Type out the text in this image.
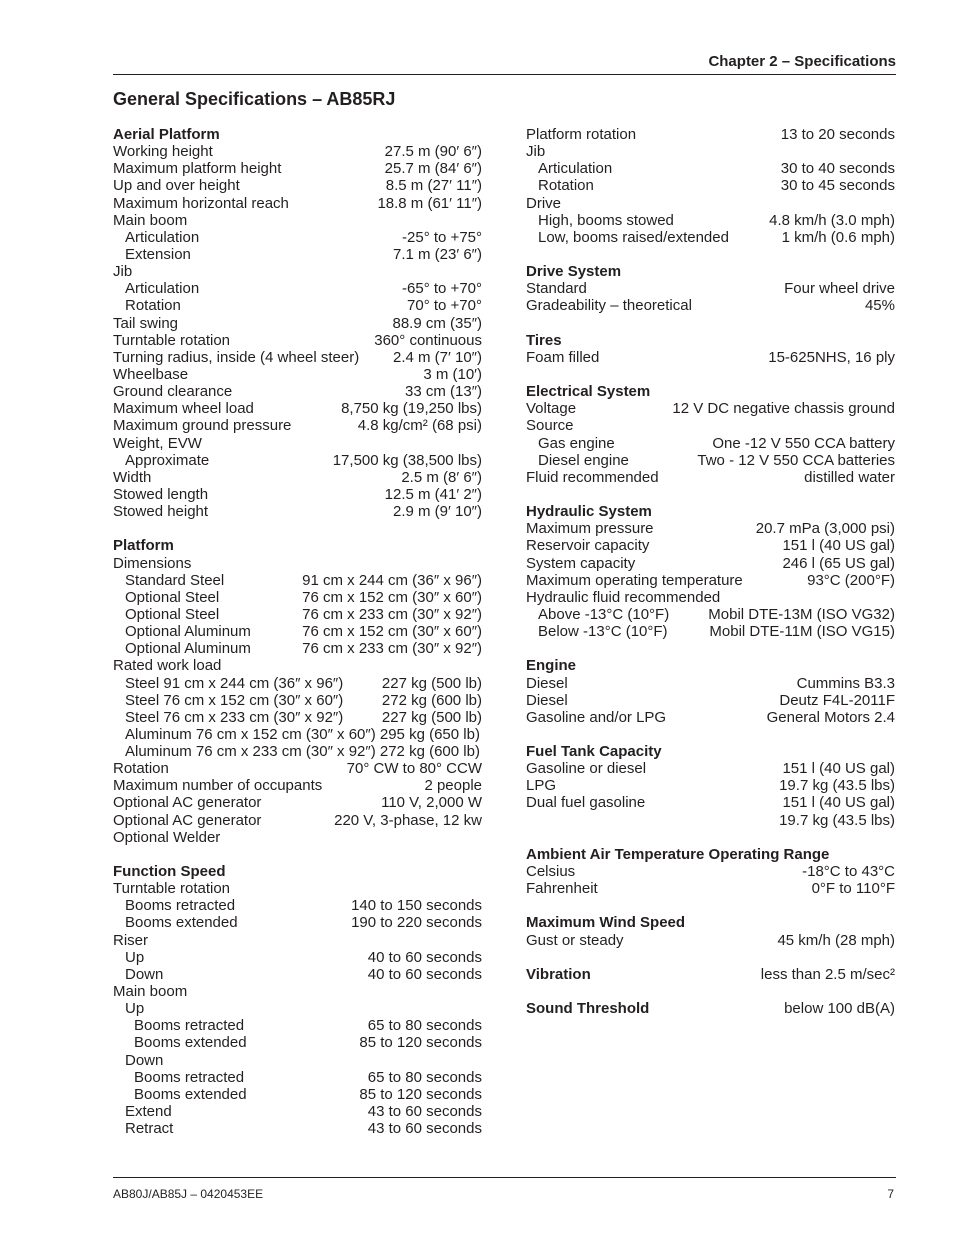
Chapter 2 – Specifications
General Specifications – AB85RJ
Aerial Platform
Working height	27.5 m (90′ 6″)
Maximum platform height	25.7 m (84′ 6″)
Up and over height	8.5 m (27′ 11″)
Maximum horizontal reach	18.8 m (61′ 11″)
Main boom
Articulation	-25° to +75°
Extension	7.1 m (23′ 6″)
Jib
Articulation	-65° to +70°
Rotation	70° to +70°
Tail swing	88.9 cm (35″)
Turntable rotation	360° continuous
Turning radius, inside (4 wheel steer) 2.4 m (7′ 10″)
Wheelbase	3 m (10′)
Ground clearance	33 cm (13″)
Maximum wheel load	8,750 kg (19,250 lbs)
Maximum ground pressure	4.8 kg/cm² (68 psi)
Weight, EVW
Approximate	17,500 kg (38,500 lbs)
Width	2.5 m (8′ 6″)
Stowed length	12.5 m (41′ 2″)
Stowed height	2.9 m (9′ 10″)
Platform
Dimensions
Standard Steel	91 cm x 244 cm (36″ x 96″)
Optional Steel	76 cm x 152 cm (30″ x 60″)
Optional Steel	76 cm x 233 cm (30″ x 92″)
Optional Aluminum	76 cm x 152 cm (30″ x 60″)
Optional Aluminum	76 cm x 233 cm (30″ x 92″)
Rated work load
Steel 91 cm x 244 cm (36″ x 96″)	227 kg (500 lb)
Steel 76 cm x 152 cm (30″ x 60″)	272 kg (600 lb)
Steel 76 cm x 233 cm (30″ x 92″)	227 kg (500 lb)
Aluminum 76 cm x 152 cm (30″ x 60″) 295 kg (650 lb)
Aluminum 76 cm x 233 cm (30″ x 92″) 272 kg (600 lb)
Rotation	70° CW to 80° CCW
Maximum number of occupants	2 people
Optional AC generator	110 V, 2,000 W
Optional AC generator	220 V, 3-phase, 12 kw
Optional Welder
Function Speed
Turntable rotation
Booms retracted	140 to 150 seconds
Booms extended	190 to 220 seconds
Riser
Up	40 to 60 seconds
Down	40 to 60 seconds
Main boom
Up
Booms retracted	65 to 80 seconds
Booms extended	85 to 120 seconds
Down
Booms retracted	65 to 80 seconds
Booms extended	85 to 120 seconds
Extend	43 to 60 seconds
Retract	43 to 60 seconds
Platform rotation	13 to 20 seconds
Jib
Articulation	30 to 40 seconds
Rotation	30 to 45 seconds
Drive
High, booms stowed	4.8 km/h (3.0 mph)
Low, booms raised/extended	1 km/h (0.6 mph)
Drive System
Standard	Four wheel drive
Gradeability – theoretical	45%
Tires
Foam filled	15-625NHS, 16 ply
Electrical System
Voltage	12 V DC negative chassis ground
Source
Gas engine	One -12 V 550 CCA battery
Diesel engine	Two - 12 V 550 CCA batteries
Fluid recommended	distilled water
Hydraulic System
Maximum pressure	20.7 mPa (3,000 psi)
Reservoir capacity	151 l (40 US gal)
System capacity	246 l (65 US gal)
Maximum operating temperature	93°C (200°F)
Hydraulic fluid recommended
Above -13°C (10°F)	Mobil DTE-13M (ISO VG32)
Below -13°C (10°F)	Mobil DTE-11M (ISO VG15)
Engine
Diesel	Cummins B3.3
Diesel	Deutz F4L-2011F
Gasoline and/or LPG	General Motors 2.4
Fuel Tank Capacity
Gasoline or diesel	151 l (40 US gal)
LPG	19.7 kg (43.5 lbs)
Dual fuel gasoline	151 l (40 US gal)
19.7 kg (43.5 lbs)
Ambient Air Temperature Operating Range
Celsius	-18°C to 43°C
Fahrenheit	0°F to 110°F
Maximum Wind Speed
Gust or steady	45 km/h (28 mph)
Vibration	less than 2.5 m/sec²
Sound Threshold	below 100 dB(A)
AB80J/AB85J – 0420453EE	7
